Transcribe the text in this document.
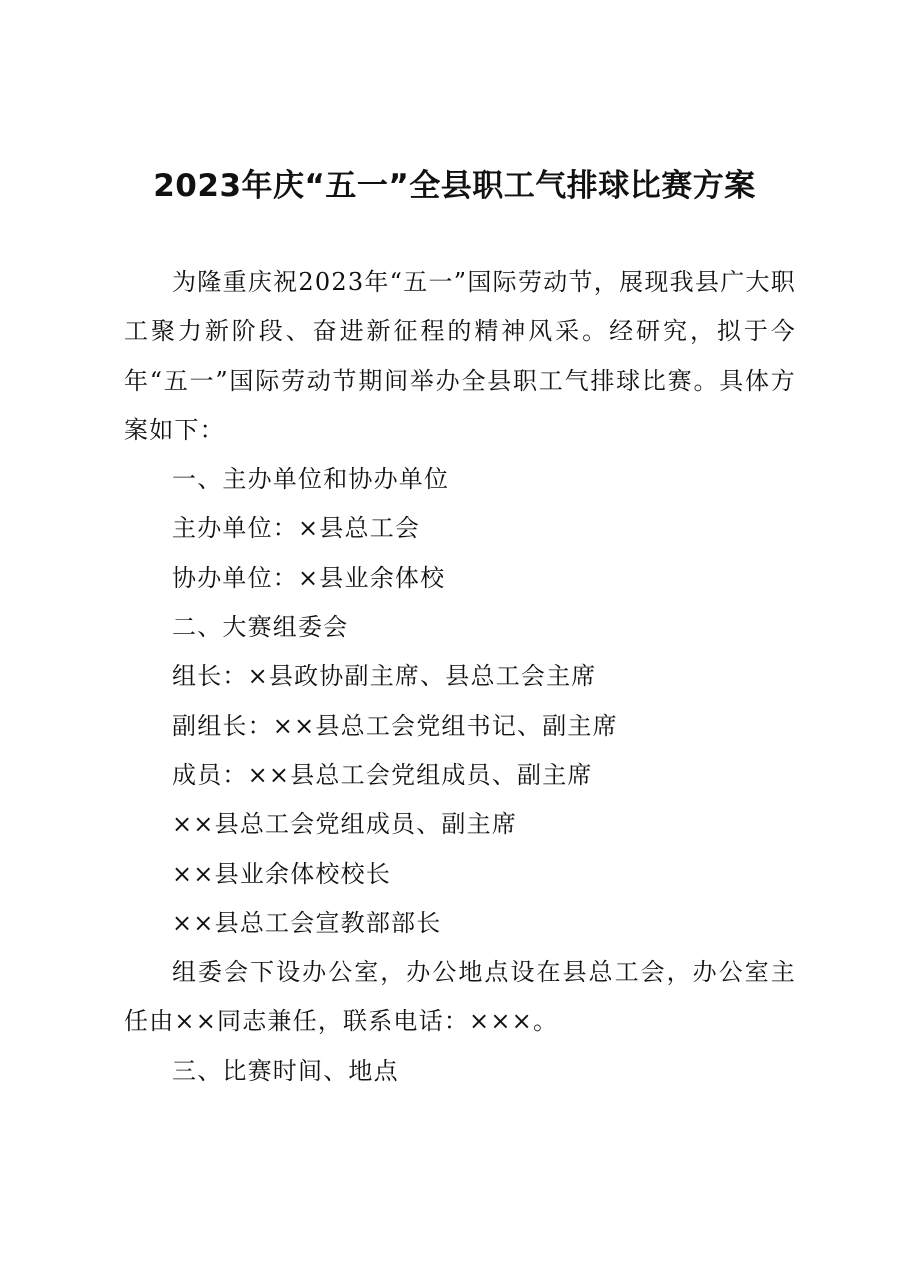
2023年庆“五一”全县职工气排球比赛方案

为隆重庆祝2023年“五一”国际劳动节，展现我县广大职工聚力新阶段、奋进新征程的精神风采。经研究，拟于今年“五一”国际劳动节期间举办全县职工气排球比赛。具体方案如下：

一、主办单位和协办单位

主办单位：×县总工会

协办单位：×县业余体校

二、大赛组委会

组长：×县政协副主席、县总工会主席

副组长：××县总工会党组书记、副主席

成员：××县总工会党组成员、副主席

××县总工会党组成员、副主席

××县业余体校校长

××县总工会宣教部部长

组委会下设办公室，办公地点设在县总工会，办公室主任由××同志兼任，联系电话：×××。

三、比赛时间、地点
